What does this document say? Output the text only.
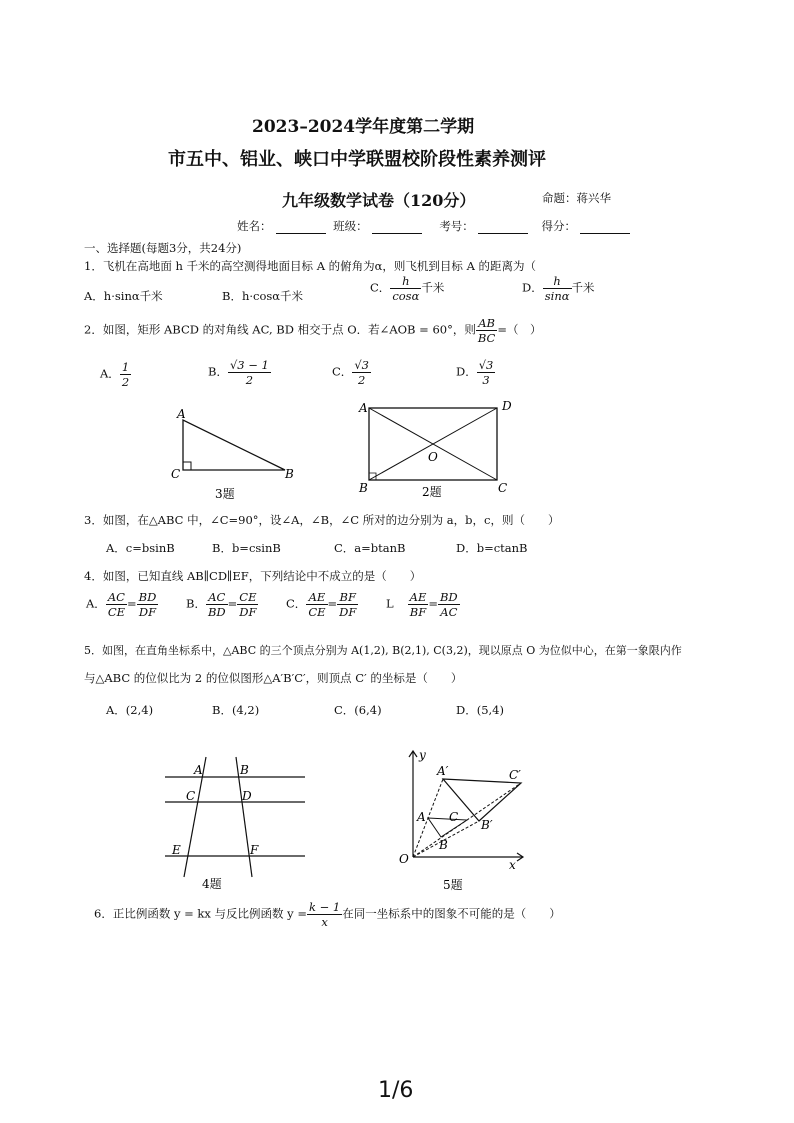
2023–2024学年度第二学期
市五中、铝业、峡口中学联盟校阶段性素养测评
九年级数学试卷（120分）	命题：蒋兴华
姓名：	班级：	考号：	得分：
一、选择题(每题3分，共24分)
1．飞机在高地面 h 千米的高空测得地面目标 A 的俯角为α，则飞机到目标 A 的距离为（
A．h·sinα千米	B．h·cosα千米
C． $\frac{h}{\cos\alpha}$ 千米	D． $\frac{h}{\sin\alpha}$ 千米
2．如图，矩形 ABCD 的对角线 AC, BD 相交于点 O．若∠AOB = 60°，则 $\frac{AB}{BC}$ =（　）
A． $\frac{1}{2}$	B． $\frac{√3 - 1}{2}$	C． $\frac{√3}{2}$	D． $\frac{√3}{3}$
A
C	B
3题
A	D
O
B	C
2题
3．如图，在△ABC 中，∠C=90°，设∠A，∠B，∠C 所对的边分别为 a，b，c，则（　　）
A．c=bsinB	B．b=csinB	C．a=btanB	D．b=ctanB
4．如图，已知直线 AB∥CD∥EF，下列结论中不成立的是（　　）
A． $\frac{AC}{CE} = \frac{BD}{DF}$ B． $\frac{AC}{BD} = \frac{CE}{DF}$ C． $\frac{AE}{CE} = \frac{BF}{DF}$ L $\frac{AE}{BF} = \frac{BD}{AC}$
5．如图，在直角坐标系中，△ABC 的三个顶点分别为 A(1,2), B(2,1), C(3,2)，现以原点 O 为位似中心，在第一象限内作
与△ABC 的位似比为 2 的位似图形△A′B′C′，则顶点 C′ 的坐标是（　　）
A．(2,4)	B．(4,2)	C．(6,4)	D．(5,4)
A	B
C	D
E	F
4题
y
x
O
A
B
C
A′
B′
C′
5题
6．正比例函数 y = kx 与反比例函数 $y = \frac{k - 1}{x}$ 在同一坐标系中的图象不可能的是（　　）
1/6
